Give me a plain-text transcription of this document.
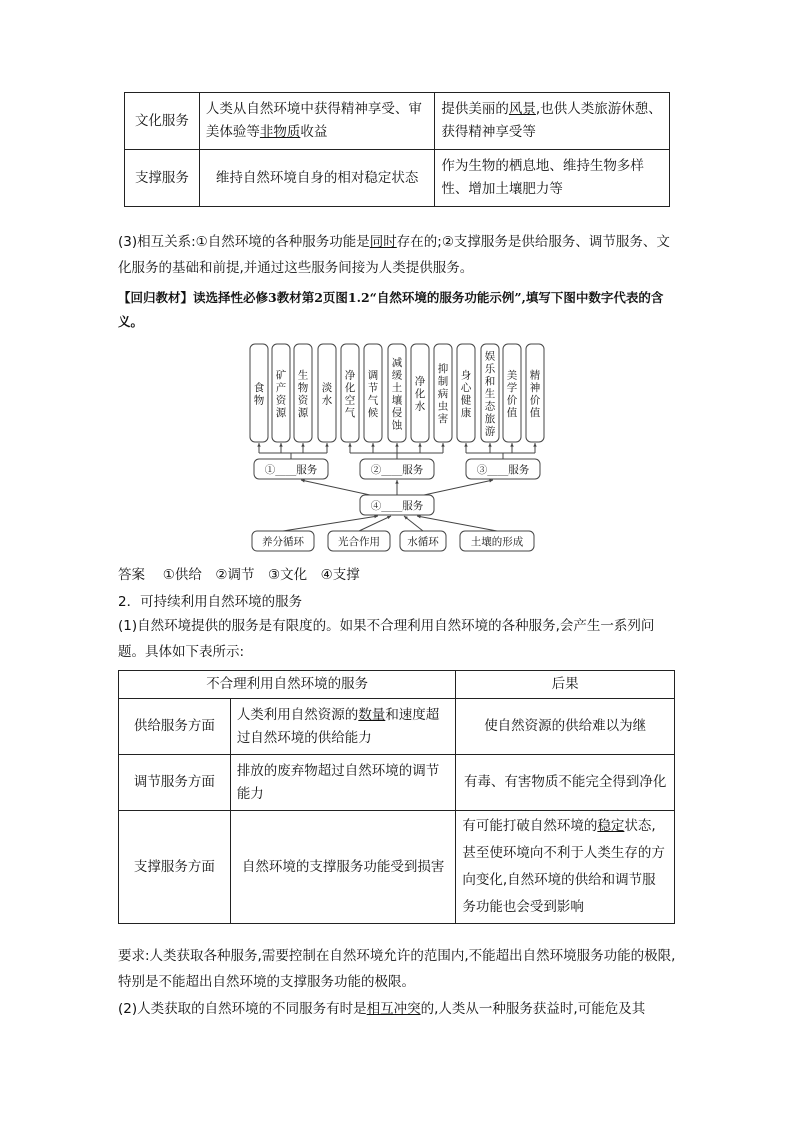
文化服务	人类从自然环境中获得精神享受、审美体验等非物质收益	提供美丽的风景,也供人类旅游休憩、获得精神享受等
支撑服务	维持自然环境自身的相对稳定状态	作为生物的栖息地、维持生物多样性、增加土壤肥力等
(3)相互关系:①自然环境的各种服务功能是同时存在的;②支撑服务是供给服务、调节服务、文化服务的基础和前提,并通过这些服务间接为人类提供服务。
【回归教材】读选择性必修3教材第2页图1.2“自然环境的服务功能示例”,填写下图中数字代表的含义。
食
物
矿
产
资
源
生
物
资
源
淡
水
净
化
空
气
调
节
气
候
减
缓
土
壤
侵
蚀
净
化
水
抑
制
病
虫
害
身
心
健
康
娱
乐
和
生
态
旅
游
美
学
价
值
精
神
价
值
①____服务	②____服务	③____服务
④____服务
养分循环	光合作用	水循环	土壤的形成
答案　 ①供给　②调节　③文化　④支撑
2．可持续利用自然环境的服务
(1)自然环境提供的服务是有限度的。如果不合理利用自然环境的各种服务,会产生一系列问题。具体如下表所示:
不合理利用自然环境的服务		后果
供给服务方面	人类利用自然资源的数量和速度超过自然环境的供给能力	使自然资源的供给难以为继
调节服务方面	排放的废弃物超过自然环境的调节能力	有毒、有害物质不能完全得到净化
支撑服务方面	自然环境的支撑服务功能受到损害	有可能打破自然环境的稳定状态,甚至使环境向不利于人类生存的方向变化,自然环境的供给和调节服务功能也会受到影响
要求:人类获取各种服务,需要控制在自然环境允许的范围内,不能超出自然环境服务功能的极限,特别是不能超出自然环境的支撑服务功能的极限。
(2)人类获取的自然环境的不同服务有时是相互冲突的,人类从一种服务获益时,可能危及其
